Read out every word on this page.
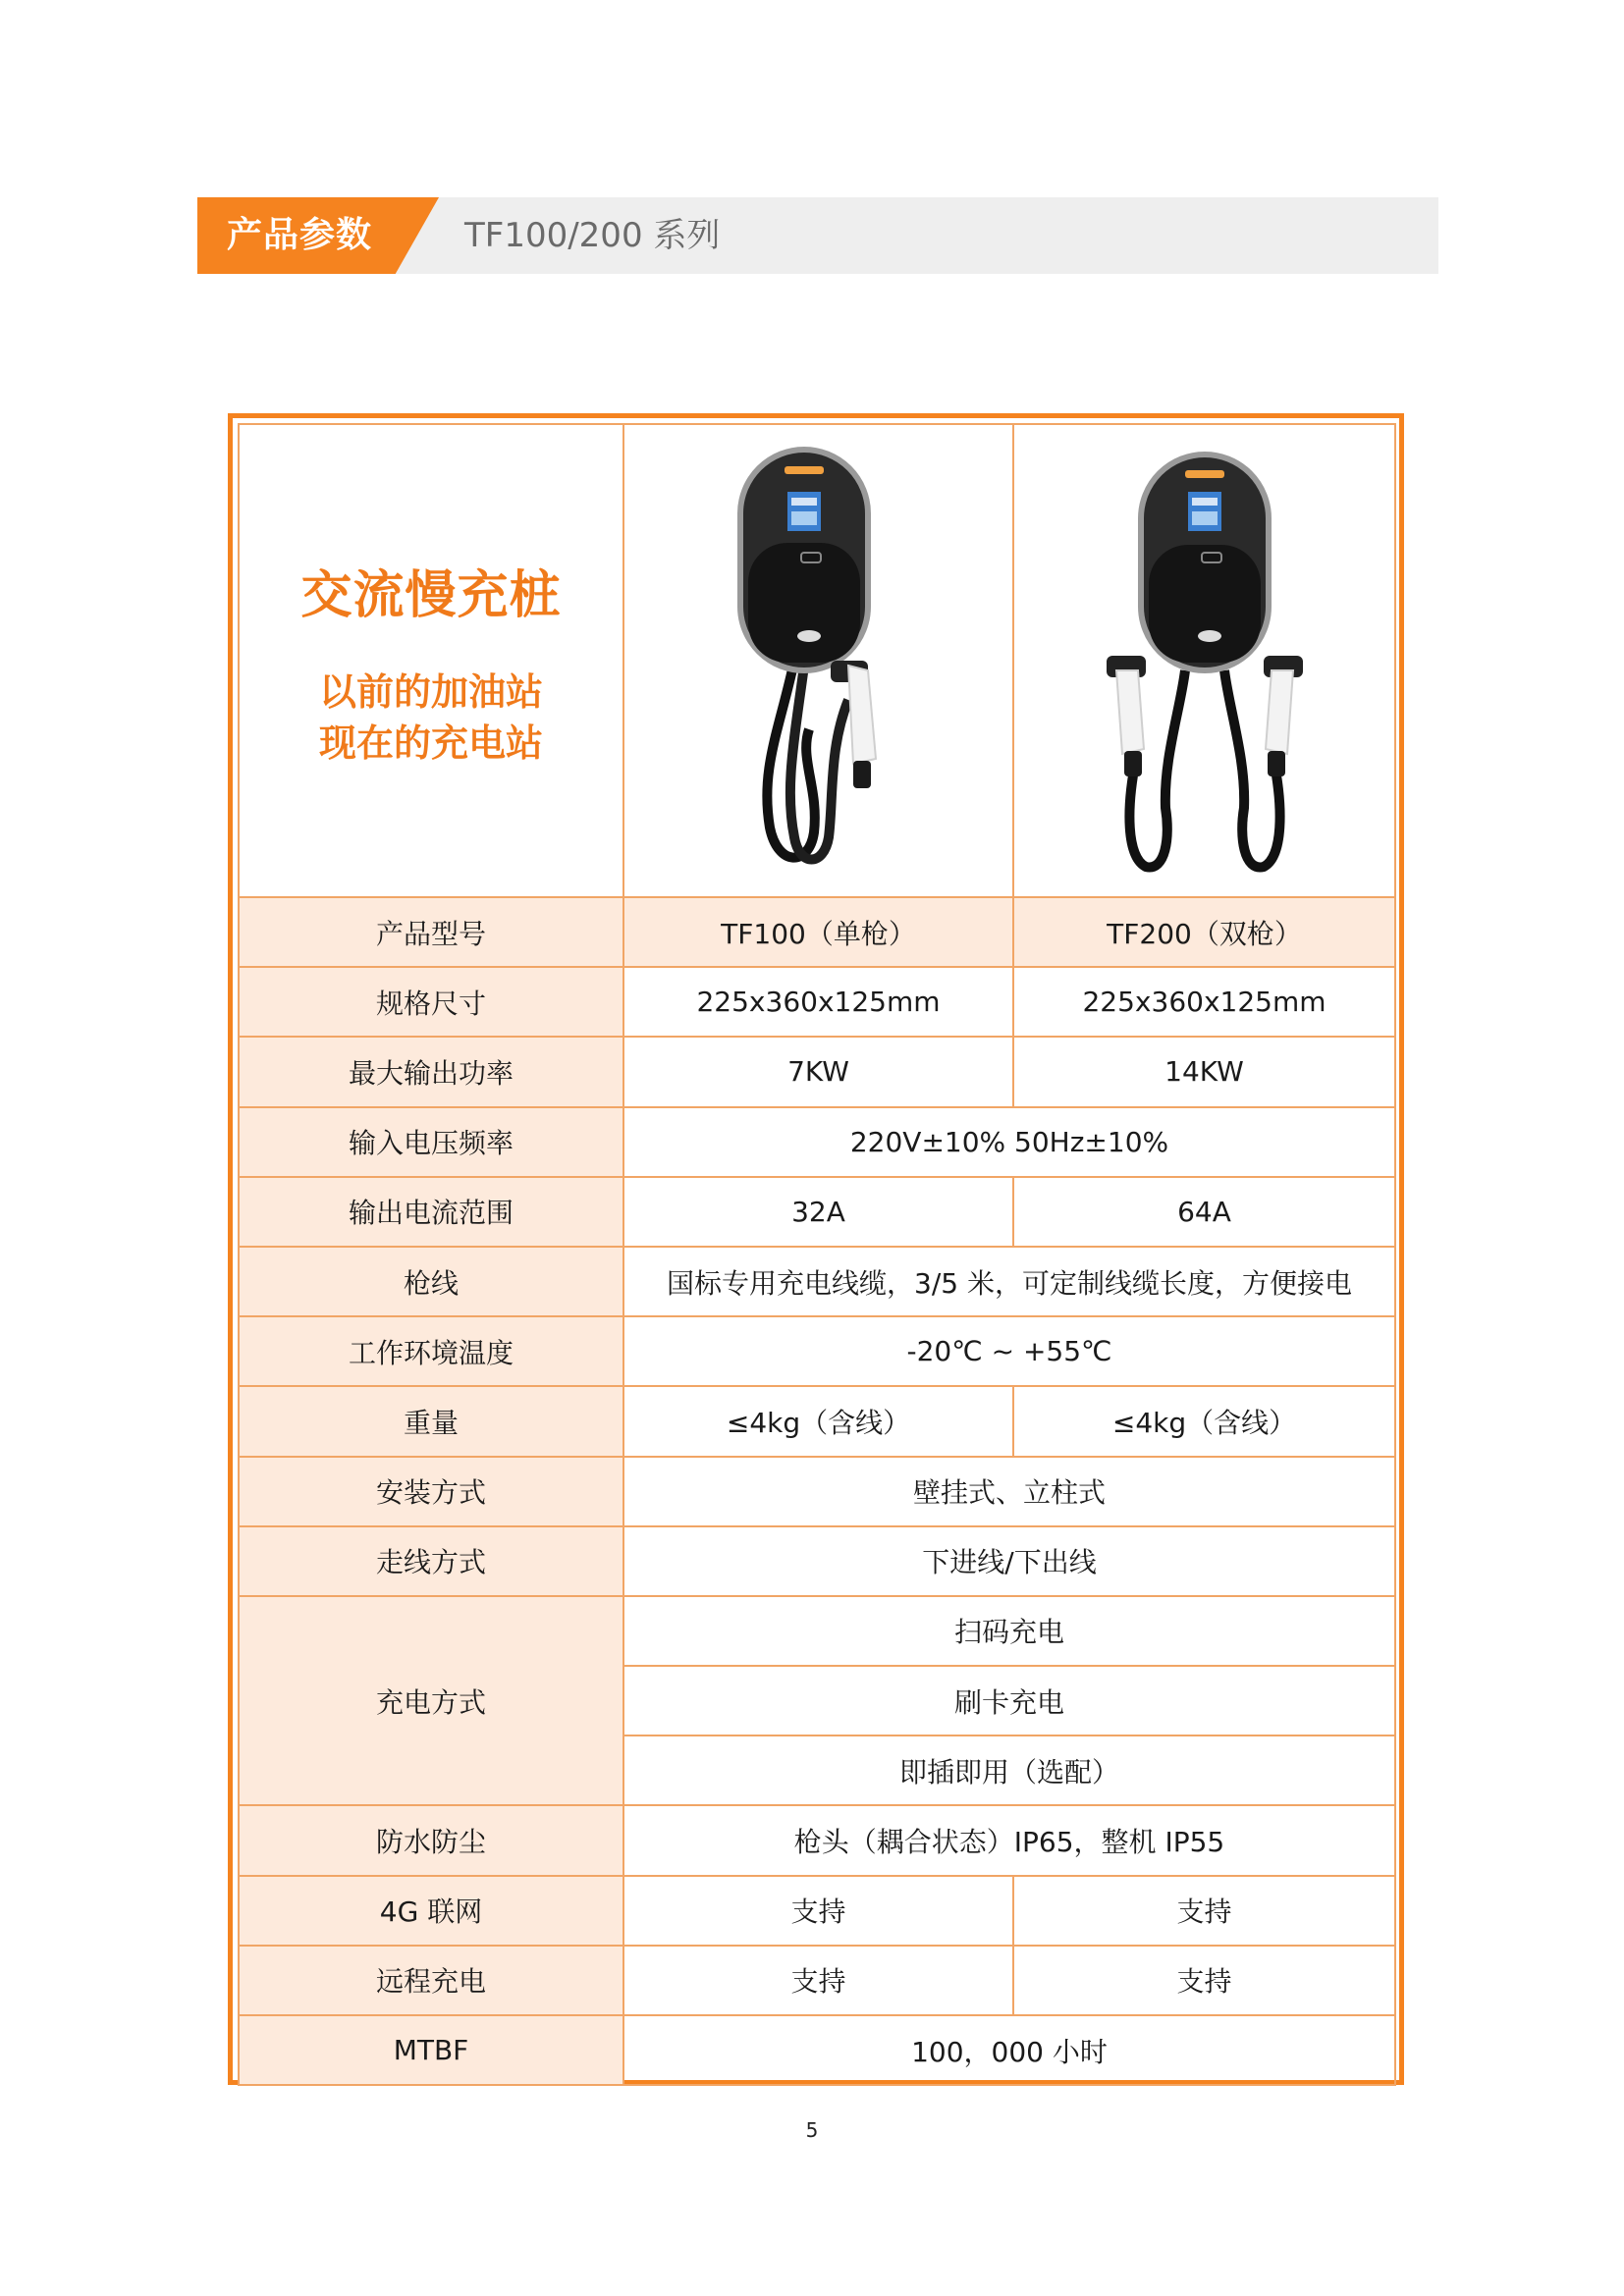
产品参数	TF100/200 系列
交流慢充桩
以前的加油站
现在的充电站

产品型号	TF100（单枪）	TF200（双枪）
规格尺寸	225x360x125mm	225x360x125mm
最大输出功率	7KW	14KW
输入电压频率	220V±10% 50Hz±10%	
输出电流范围	32A	64A
枪线	国标专用充电线缆，3/5 米，可定制线缆长度，方便接电	
工作环境温度	-20℃ ~ +55℃	
重量	≤4kg（含线）	≤4kg（含线）
安装方式	壁挂式、立柱式	
走线方式	下进线/下出线	
充电方式	扫码充电	
	刷卡充电	
	即插即用（选配）	
防水防尘	枪头（耦合状态）IP65，整机 IP55	
4G 联网	支持	支持
远程充电	支持	支持
MTBF	100，000 小时	
5
